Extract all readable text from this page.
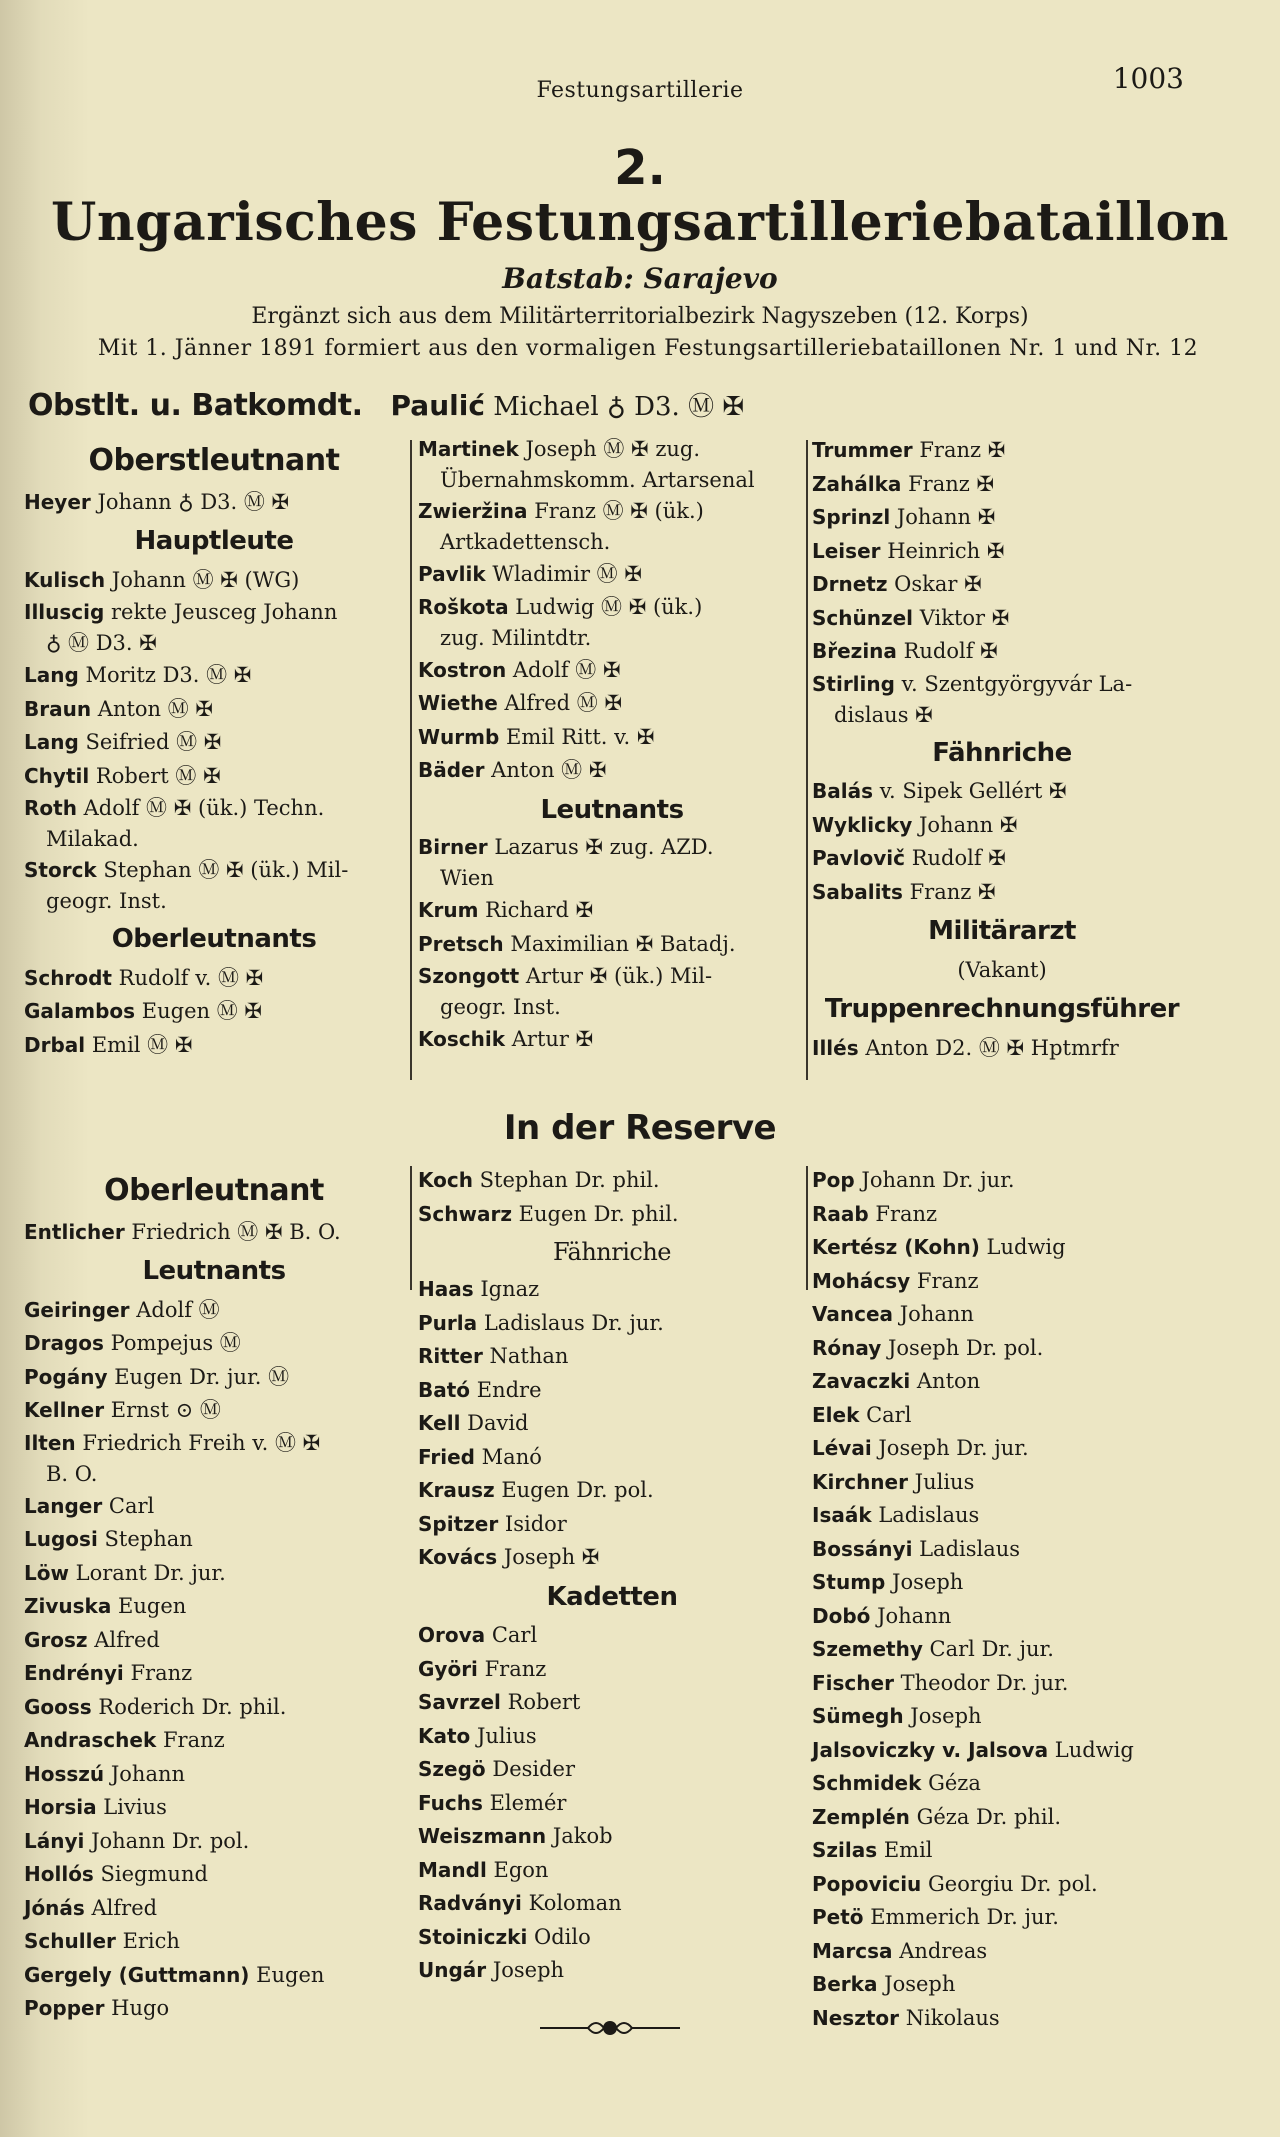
Festungsartillerie	1003
2.
Ungarisches Festungsartilleriebataillon
Batstab: Sarajevo
Ergänzt sich aus dem Militärterritorialbezirk Nagyszeben (12. Korps)
Mit 1. Jänner 1891 formiert aus den vormaligen Festungsartilleriebataillonen Nr. 1 und Nr. 12
Obstlt. u. Batkomdt. Paulić Michael ♁ D3. Ⓜ ✠
Oberstleutnant
Heyer Johann ♁ D3. Ⓜ ✠
Hauptleute
Kulisch Johann Ⓜ ✠ (WG)
Illuscig rekte Jeusceg Johann
♁ Ⓜ D3. ✠
Lang Moritz D3. Ⓜ ✠
Braun Anton Ⓜ ✠
Lang Seifried Ⓜ ✠
Chytil Robert Ⓜ ✠
Roth Adolf Ⓜ ✠ (ük.) Techn.
Milakad.
Storck Stephan Ⓜ ✠ (ük.) Mil-
geogr. Inst.
Oberleutnants
Schrodt Rudolf v. Ⓜ ✠
Galambos Eugen Ⓜ ✠
Drbal Emil Ⓜ ✠
Martinek Joseph Ⓜ ✠ zug.
Übernahmskomm. Artarsenal
Zwieržina Franz Ⓜ ✠ (ük.)
Artkadettensch.
Pavlik Wladimir Ⓜ ✠
Roškota Ludwig Ⓜ ✠ (ük.)
zug. Milintdtr.
Kostron Adolf Ⓜ ✠
Wiethe Alfred Ⓜ ✠
Wurmb Emil Ritt. v. ✠
Bäder Anton Ⓜ ✠
Leutnants
Birner Lazarus ✠ zug. AZD.
Wien
Krum Richard ✠
Pretsch Maximilian ✠ Batadj.
Szongott Artur ✠ (ük.) Mil-
geogr. Inst.
Koschik Artur ✠
Trummer Franz ✠
Zahálka Franz ✠
Sprinzl Johann ✠
Leiser Heinrich ✠
Drnetz Oskar ✠
Schünzel Viktor ✠
Březina Rudolf ✠
Stirling v. Szentgyörgyvár La-
dislaus ✠
Fähnriche
Balás v. Sipek Gellért ✠
Wyklicky Johann ✠
Pavlovič Rudolf ✠
Sabalits Franz ✠
Militärarzt
(Vakant)
Truppenrechnungsführer
Illés Anton D2. Ⓜ ✠ Hptmrfr
In der Reserve
Oberleutnant
Entlicher Friedrich Ⓜ ✠ B. O.
Leutnants
Geiringer Adolf Ⓜ
Dragos Pompejus Ⓜ
Pogány Eugen Dr. jur. Ⓜ
Kellner Ernst ⊙ Ⓜ
Ilten Friedrich Freih v. Ⓜ ✠
B. O.
Langer Carl
Lugosi Stephan
Löw Lorant Dr. jur.
Zivuska Eugen
Grosz Alfred
Endrényi Franz
Gooss Roderich Dr. phil.
Andraschek Franz
Hosszú Johann
Horsia Livius
Lányi Johann Dr. pol.
Hollós Siegmund
Jónás Alfred
Schuller Erich
Gergely (Guttmann) Eugen
Popper Hugo
Koch Stephan Dr. phil.
Schwarz Eugen Dr. phil.
Fähnriche
Haas Ignaz
Purla Ladislaus Dr. jur.
Ritter Nathan
Bató Endre
Kell David
Fried Manó
Krausz Eugen Dr. pol.
Spitzer Isidor
Kovács Joseph ✠
Kadetten
Orova Carl
Györi Franz
Savrzel Robert
Kato Julius
Szegö Desider
Fuchs Elemér
Weiszmann Jakob
Mandl Egon
Radványi Koloman
Stoiniczki Odilo
Ungár Joseph
Pop Johann Dr. jur.
Raab Franz
Kertész (Kohn) Ludwig
Mohácsy Franz
Vancea Johann
Rónay Joseph Dr. pol.
Zavaczki Anton
Elek Carl
Lévai Joseph Dr. jur.
Kirchner Julius
Isaák Ladislaus
Bossányi Ladislaus
Stump Joseph
Dobó Johann
Szemethy Carl Dr. jur.
Fischer Theodor Dr. jur.
Sümegh Joseph
Jalsoviczky v. Jalsova Ludwig
Schmidek Géza
Zemplén Géza Dr. phil.
Szilas Emil
Popoviciu Georgiu Dr. pol.
Petö Emmerich Dr. jur.
Marcsa Andreas
Berka Joseph
Nesztor Nikolaus
